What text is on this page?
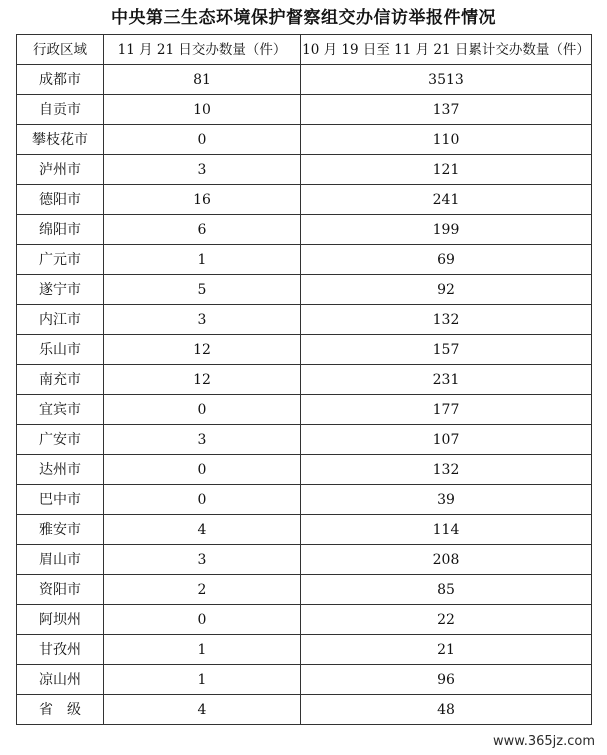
中央第三生态环境保护督察组交办信访举报件情况
行政区域	11 月 21 日交办数量（件）	10 月 19 日至 11 月 21 日累计交办数量（件）
成都市	81	3513
自贡市	10	137
攀枝花市	0	110
泸州市	3	121
德阳市	16	241
绵阳市	6	199
广元市	1	69
遂宁市	5	92
内江市	3	132
乐山市	12	157
南充市	12	231
宜宾市	0	177
广安市	3	107
达州市	0	132
巴中市	0	39
雅安市	4	114
眉山市	3	208
资阳市	2	85
阿坝州	0	22
甘孜州	1	21
凉山州	1	96
省　级	4	48
www.365jz.com
